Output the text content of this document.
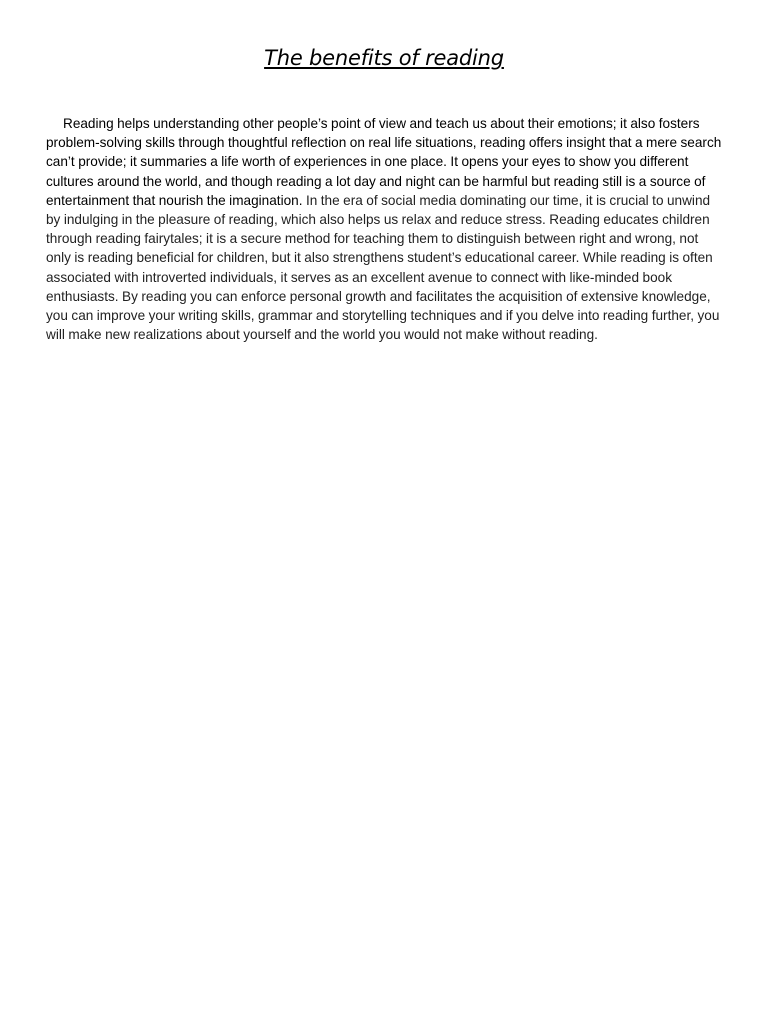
The benefits of reading

Reading helps understanding other people’s point of view and teach us about their emotions; it also fosters problem-solving skills through thoughtful reflection on real life situations, reading offers insight that a mere search can’t provide; it summaries a life worth of experiences in one place. It opens your eyes to show you different cultures around the world, and though reading a lot day and night can be harmful but reading still is a source of entertainment that nourish the imagination. In the era of social media dominating our time, it is crucial to unwind by indulging in the pleasure of reading, which also helps us relax and reduce stress. Reading educates children through reading fairytales; it is a secure method for teaching them to distinguish between right and wrong, not only is reading beneficial for children, but it also strengthens student’s educational career. While reading is often associated with introverted individuals, it serves as an excellent avenue to connect with like-minded book enthusiasts. By reading you can enforce personal growth and facilitates the acquisition of extensive knowledge, you can improve your writing skills, grammar and storytelling techniques and if you delve into reading further, you will make new realizations about yourself and the world you would not make without reading.
